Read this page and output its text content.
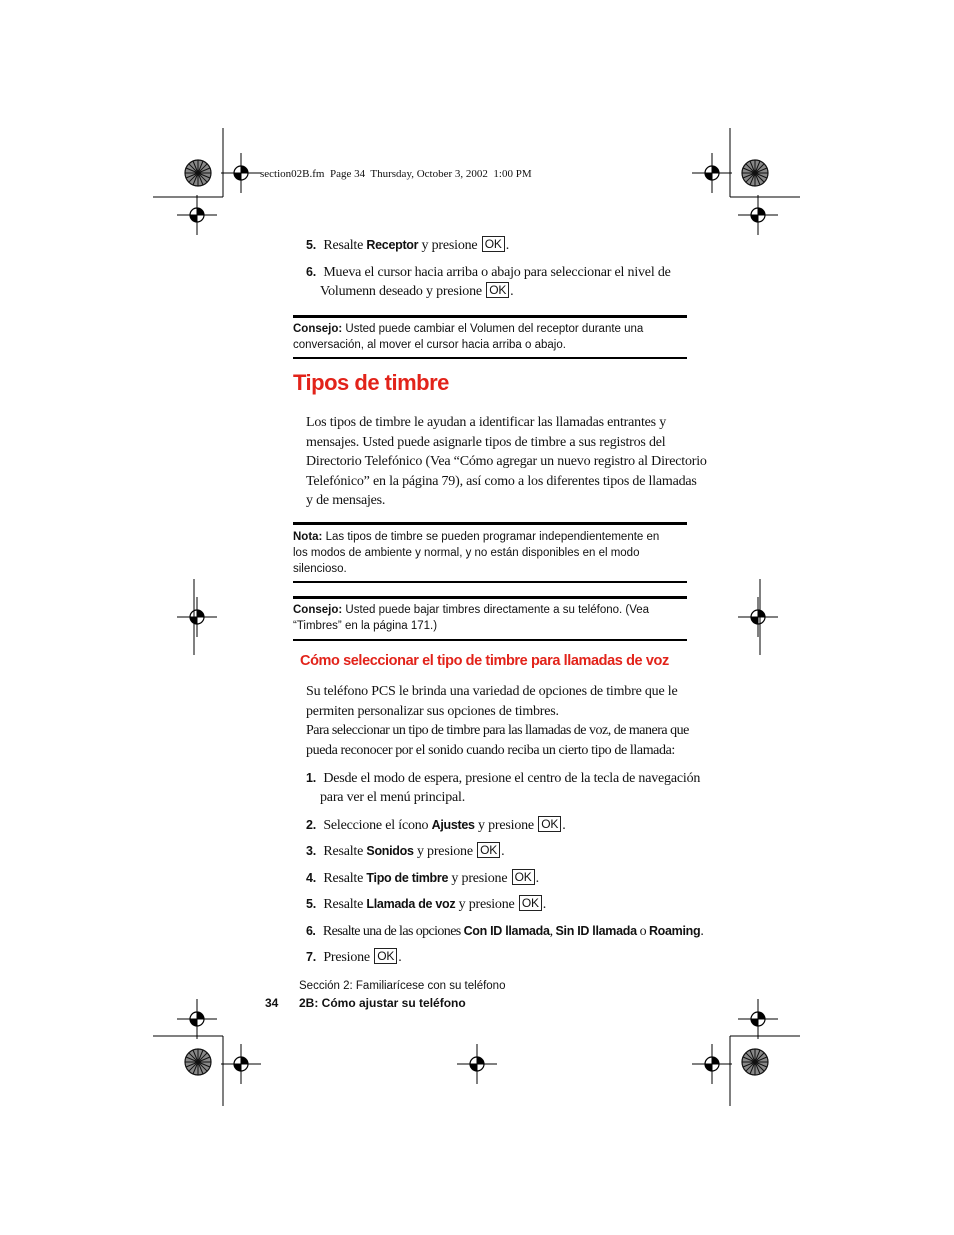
section02B.fm  Page 34  Thursday, October 3, 2002  1:00 PM
5. Resalte Receptor y presione OK .
6. Mueva el cursor hacia arriba o abajo para seleccionar el nivel de
Volumenn deseado y presione OK .
Consejo: Usted puede cambiar el Volumen del receptor durante una
conversación, al mover el cursor hacia arriba o abajo.
Tipos de timbre
Los tipos de timbre le ayudan a identificar las llamadas entrantes y
mensajes. Usted puede asignarle tipos de timbre a sus registros del
Directorio Telefónico (Vea “Cómo agregar un nuevo registro al Directorio
Telefónico” en la página 79), así como a los diferentes tipos de llamadas
y de mensajes.
Nota: Las tipos de timbre se pueden programar independientemente en
los modos de ambiente y normal, y no están disponibles en el modo
silencioso.
Consejo: Usted puede bajar timbres directamente a su teléfono. (Vea
“Timbres” en la página 171.)
Cómo seleccionar el tipo de timbre para llamadas de voz
Su teléfono PCS le brinda una variedad de opciones de timbre que le
permiten personalizar sus opciones de timbres.
Para seleccionar un tipo de timbre para las llamadas de voz, de manera que
pueda reconocer por el sonido cuando reciba un cierto tipo de llamada:
1. Desde el modo de espera, presione el centro de la tecla de navegación
para ver el menú principal.
2. Seleccione el ícono Ajustes y presione OK .
3. Resalte Sonidos y presione OK .
4. Resalte Tipo de timbre y presione OK .
5. Resalte Llamada de voz y presione OK .
6. Resalte una de las opciones Con ID llamada, Sin ID llamada o Roaming.
7. Presione OK .
Sección 2: Familiarícese con su teléfono
34 2B: Cómo ajustar su teléfono
